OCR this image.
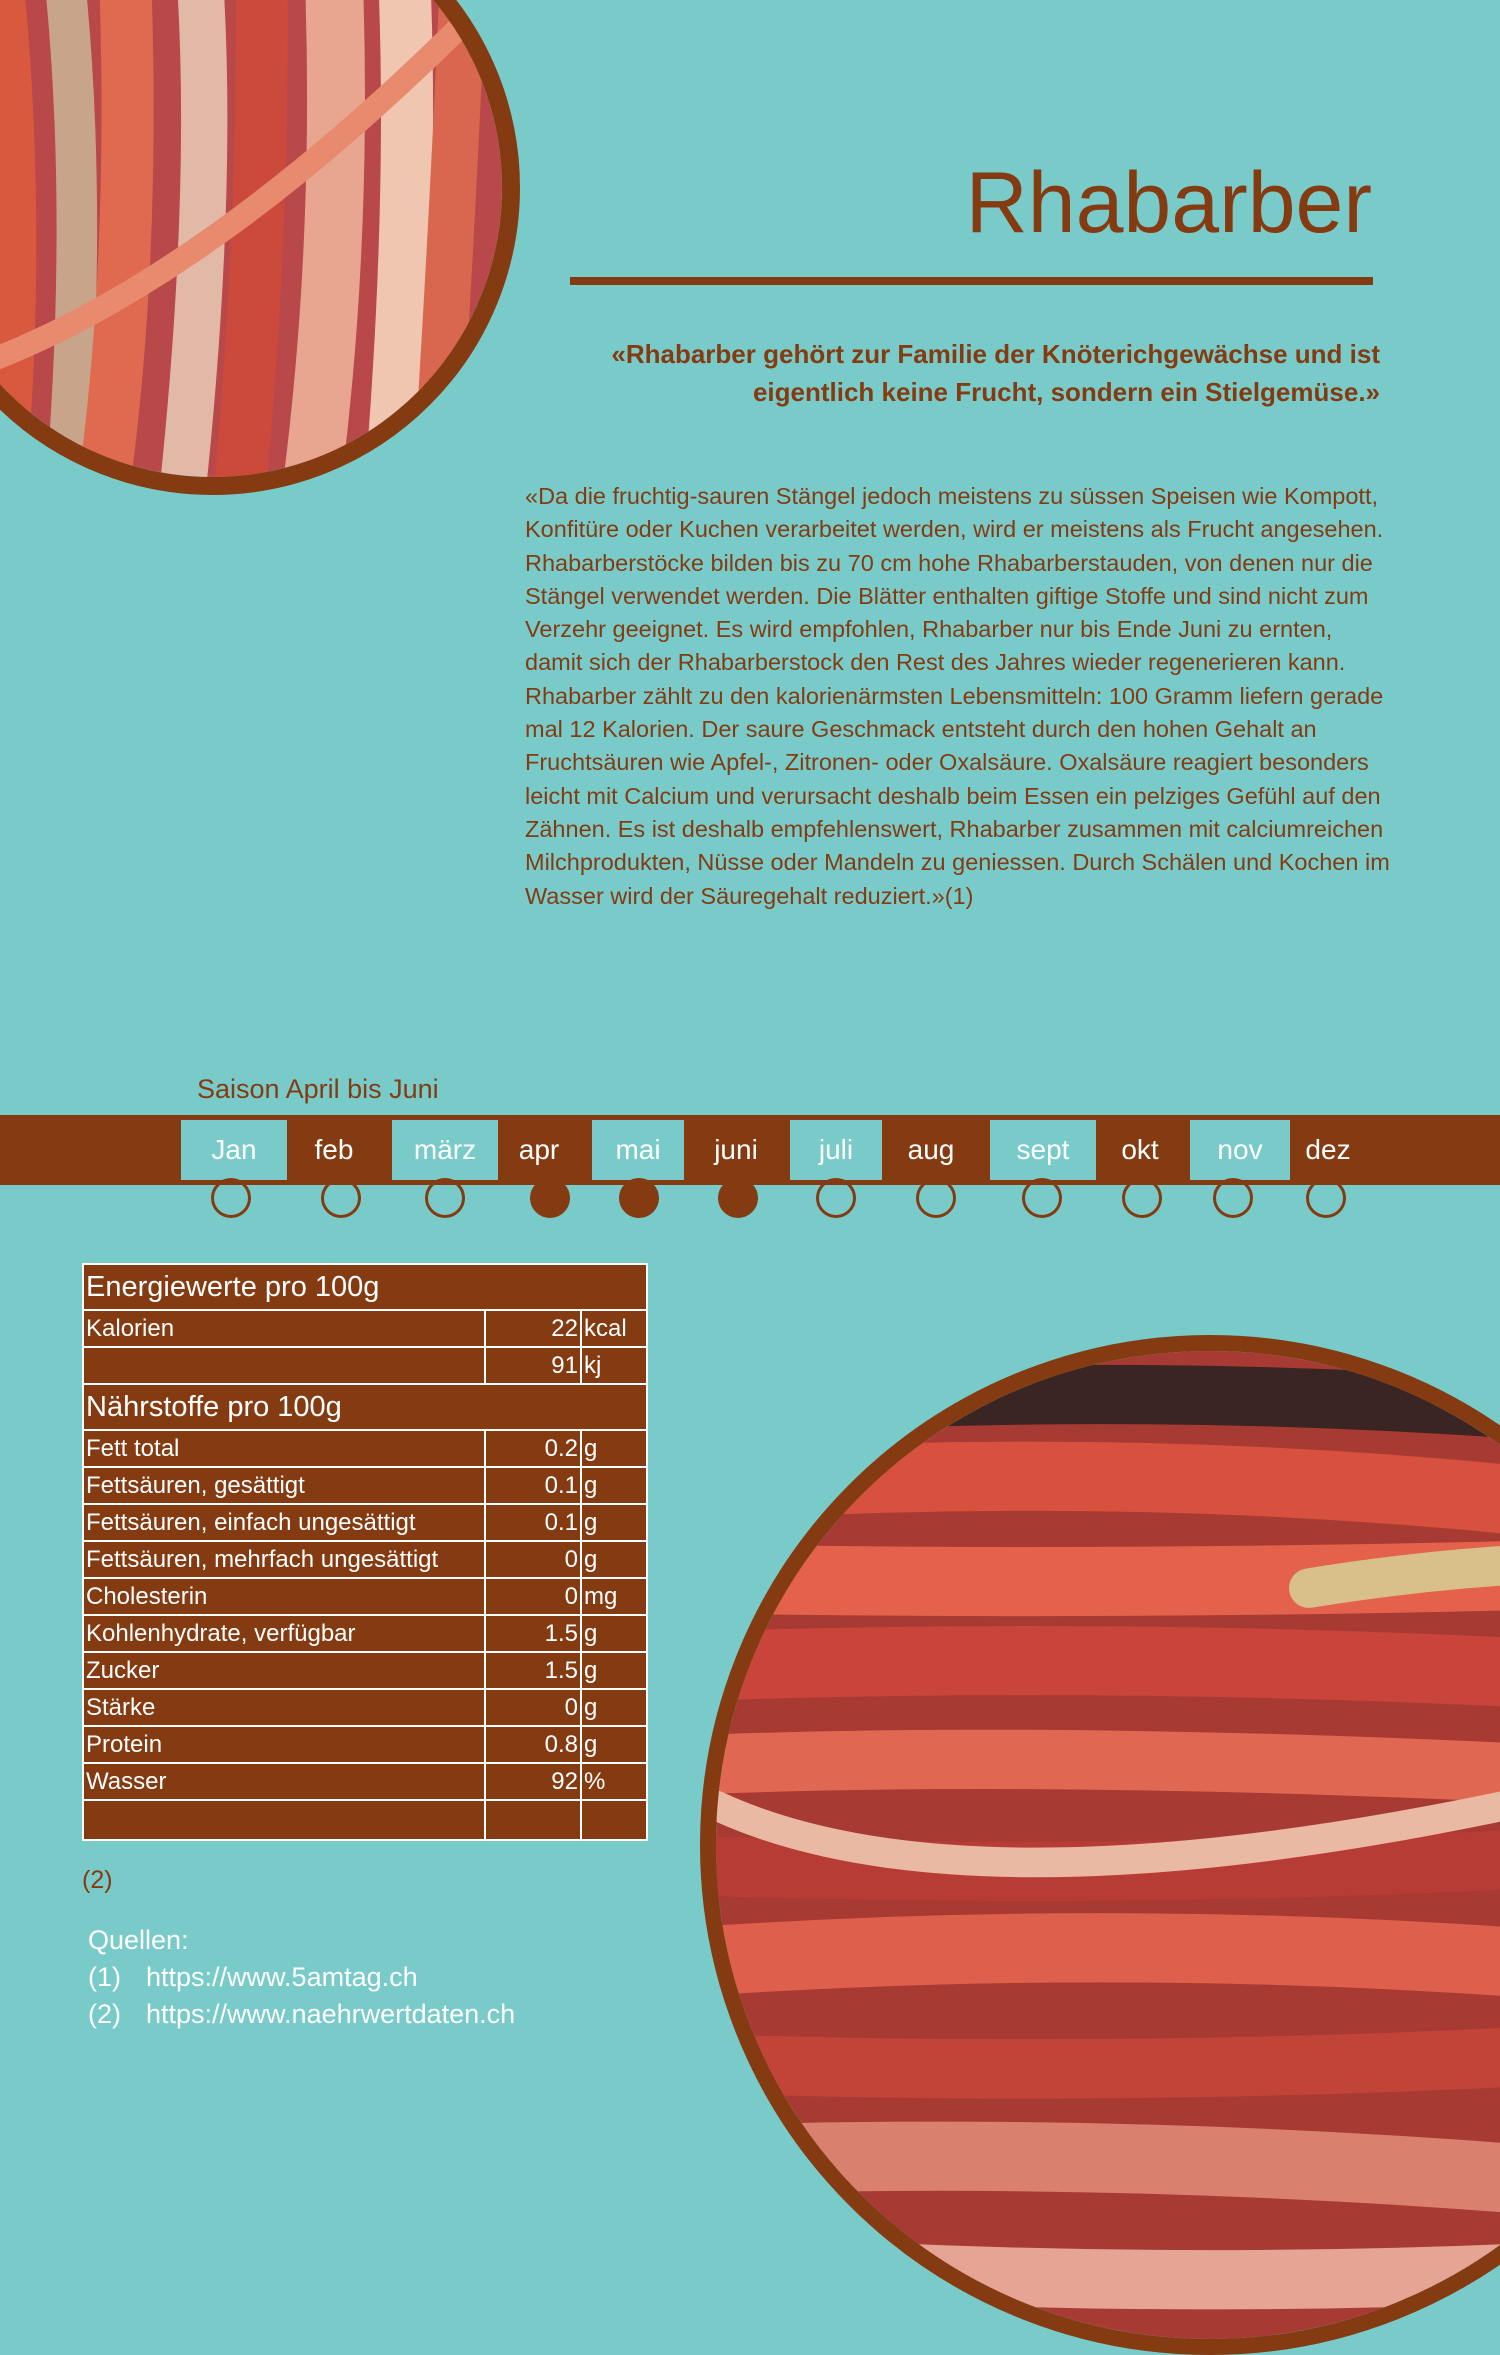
Rhabarber
«Rhabarber gehört zur Familie der Knöterichgewächse und ist eigentlich keine Frucht, sondern ein Stielgemüse.»
«Da die fruchtig-sauren Stängel jedoch meistens zu süssen Speisen wie Kompott, Konfitüre oder Kuchen verarbeitet werden, wird er meistens als Frucht angesehen. Rhabarberstöcke bilden bis zu 70 cm hohe Rhabarberstauden, von denen nur die Stängel verwendet werden. Die Blätter enthalten giftige Stoffe und sind nicht zum Verzehr geeignet. Es wird empfohlen, Rhabarber nur bis Ende Juni zu ernten, damit sich der Rhabarberstock den Rest des Jahres wieder regenerieren kann. Rhabarber zählt zu den kalorienärmsten Lebensmitteln: 100 Gramm liefern gerade mal 12 Kalorien. Der saure Geschmack entsteht durch den hohen Gehalt an Fruchtsäuren wie Apfel-, Zitronen- oder Oxalsäure. Oxalsäure reagiert besonders leicht mit Calcium und verursacht deshalb beim Essen ein pelziges Gefühl auf den Zähnen. Es ist deshalb empfehlenswert, Rhabarber zusammen mit calciumreichen Milchprodukten, Nüsse oder Mandeln zu geniessen. Durch Schälen und Kochen im Wasser wird der Säuregehalt reduziert.»(1)
Saison April bis Juni
Jan	feb	märz	apr	mai	juni	juli	aug	sept	okt	nov	dez
Energiewerte pro 100g		
Kalorien	22	kcal
	91	kj
Nährstoffe pro 100g		
Fett total	0.2	g
Fettsäuren, gesättigt	0.1	g
Fettsäuren, einfach ungesättigt	0.1	g
Fettsäuren, mehrfach ungesättigt	0	g
Cholesterin	0	mg
Kohlenhydrate, verfügbar	1.5	g
Zucker	1.5	g
Stärke	0	g
Protein	0.8	g
Wasser	92	%

(2)
Quellen:
(1) https://www.5amtag.ch
(2) https://www.naehrwertdaten.ch
